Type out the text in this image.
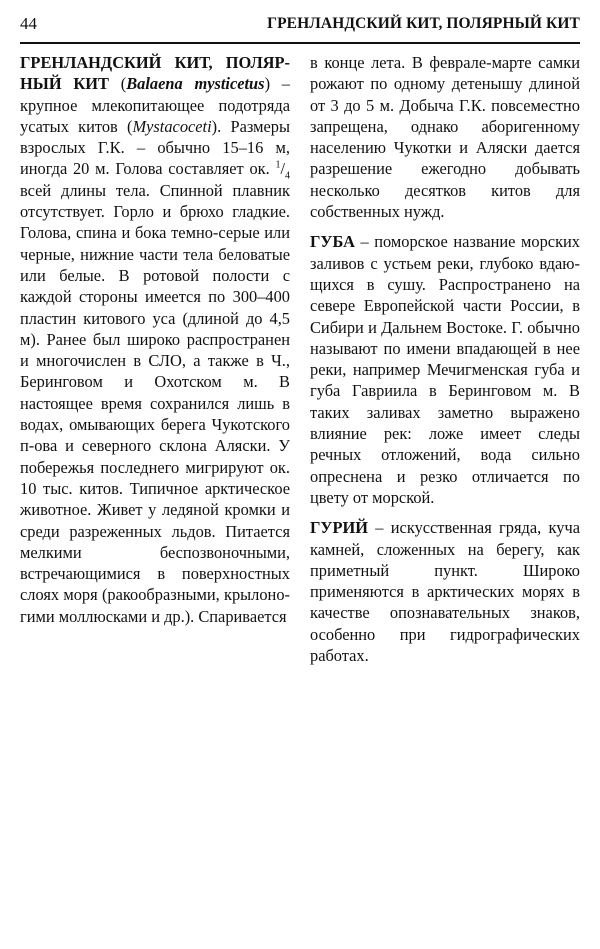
44	ГРЕНЛАНДСКИЙ КИТ, ПОЛЯРНЫЙ КИТ

ГРЕНЛАНДСКИЙ КИТ, ПОЛЯРНЫЙ КИТ (Balaena mysticetus) – крупное млекопитающее подотряда усатых китов (Mystacoceti). Размеры взрослых Г.К. – обычно 15–16 м, иногда 20 м. Голова составляет ок. $^1/_4$ всей длины тела. Спинной плавник отсутствует. Горло и брюхо гладкие. Голова, спина и бока темно-серые или черные, нижние части тела беловатые или белые. В ротовой полости с каждой стороны имеется по 300–400 пластин китового уса (длиной до 4,5 м). Ранее был широко распространен и многочислен в СЛО, а также в Ч., Беринговом и Охотском м. В настоящее время сохранился лишь в водах, омывающих берега Чукотского п-ова и северного склона Аляски. У побережья последнего мигрируют ок. 10 тыс. китов. Типичное арктическое животное. Живет у ледяной кромки и среди разреженных льдов. Питается мелкими беспозвоночными, встречающимися в поверхностных слоях моря (ракообразными, крылоногими моллюсками и др.). Спаривается

в конце лета. В феврале-марте самки рожают по одному детенышу длиной от 3 до 5 м. Добыча Г.К. повсеместно запрещена, однако аборигенному населению Чукотки и Аляски дается разрешение ежегодно добывать несколько десятков китов для собственных нужд.

ГУБА – поморское название морских заливов с устьем реки, глубоко вдающихся в сушу. Распространено на севере Европейской части России, в Сибири и Дальнем Востоке. Г. обычно называют по имени впадающей в нее реки, например Мечигменская губа и губа Гавриила в Беринговом м. В таких заливах заметно выражено влияние рек: ложе имеет следы речных отложений, вода сильно опреснена и резко отличается по цвету от морской.

ГУРИЙ – искусственная гряда, куча камней, сложенных на берегу, как приметный пункт. Широко применяются в арктических морях в качестве опознавательных знаков, особенно при гидрографических работах.
